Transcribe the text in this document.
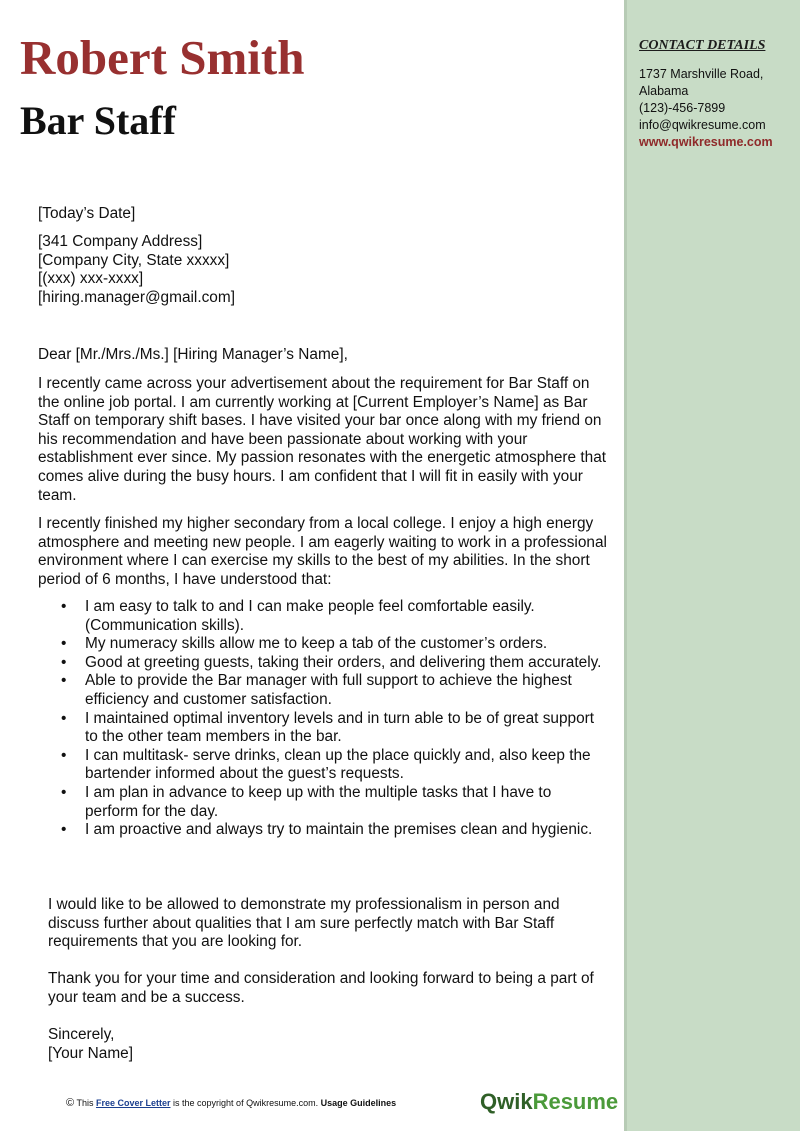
CONTACT DETAILS
1737 Marshville Road,
Alabama
(123)-456-7899
info@qwikresume.com
www.qwikresume.com
Robert Smith
Bar Staff
[Today’s Date]
[341 Company Address]
[Company City, State xxxxx]
[(xxx) xxx-xxxx]
[hiring.manager@gmail.com]
Dear [Mr./Mrs./Ms.] [Hiring Manager’s Name],

I recently came across your advertisement about the requirement for Bar Staff on the online job portal. I am currently working at [Current Employer’s Name] as Bar Staff on temporary shift bases. I have visited your bar once along with my friend on his recommendation and have been passionate about working with your establishment ever since. My passion resonates with the energetic atmosphere that comes alive during the busy hours. I am confident that I will fit in easily with your team.

I recently finished my higher secondary from a local college. I enjoy a high energy atmosphere and meeting new people. I am eagerly waiting to work in a professional environment where I can exercise my skills to the best of my abilities. In the short period of 6 months, I have understood that:

• I am easy to talk to and I can make people feel comfortable easily. (Communication skills).
• My numeracy skills allow me to keep a tab of the customer’s orders.
• Good at greeting guests, taking their orders, and delivering them accurately.
• Able to provide the Bar manager with full support to achieve the highest efficiency and customer satisfaction.
• I maintained optimal inventory levels and in turn able to be of great support to the other team members in the bar.
• I can multitask- serve drinks, clean up the place quickly and, also keep the bartender informed about the guest’s requests.
• I am plan in advance to keep up with the multiple tasks that I have to perform for the day.
• I am proactive and always try to maintain the premises clean and hygienic.

I would like to be allowed to demonstrate my professionalism in person and discuss further about qualities that I am sure perfectly match with Bar Staff requirements that you are looking for.

Thank you for your time and consideration and looking forward to being a part of your team and be a success.

Sincerely,
[Your Name]
© This Free Cover Letter is the copyright of Qwikresume.com. Usage Guidelines	QwikResume
